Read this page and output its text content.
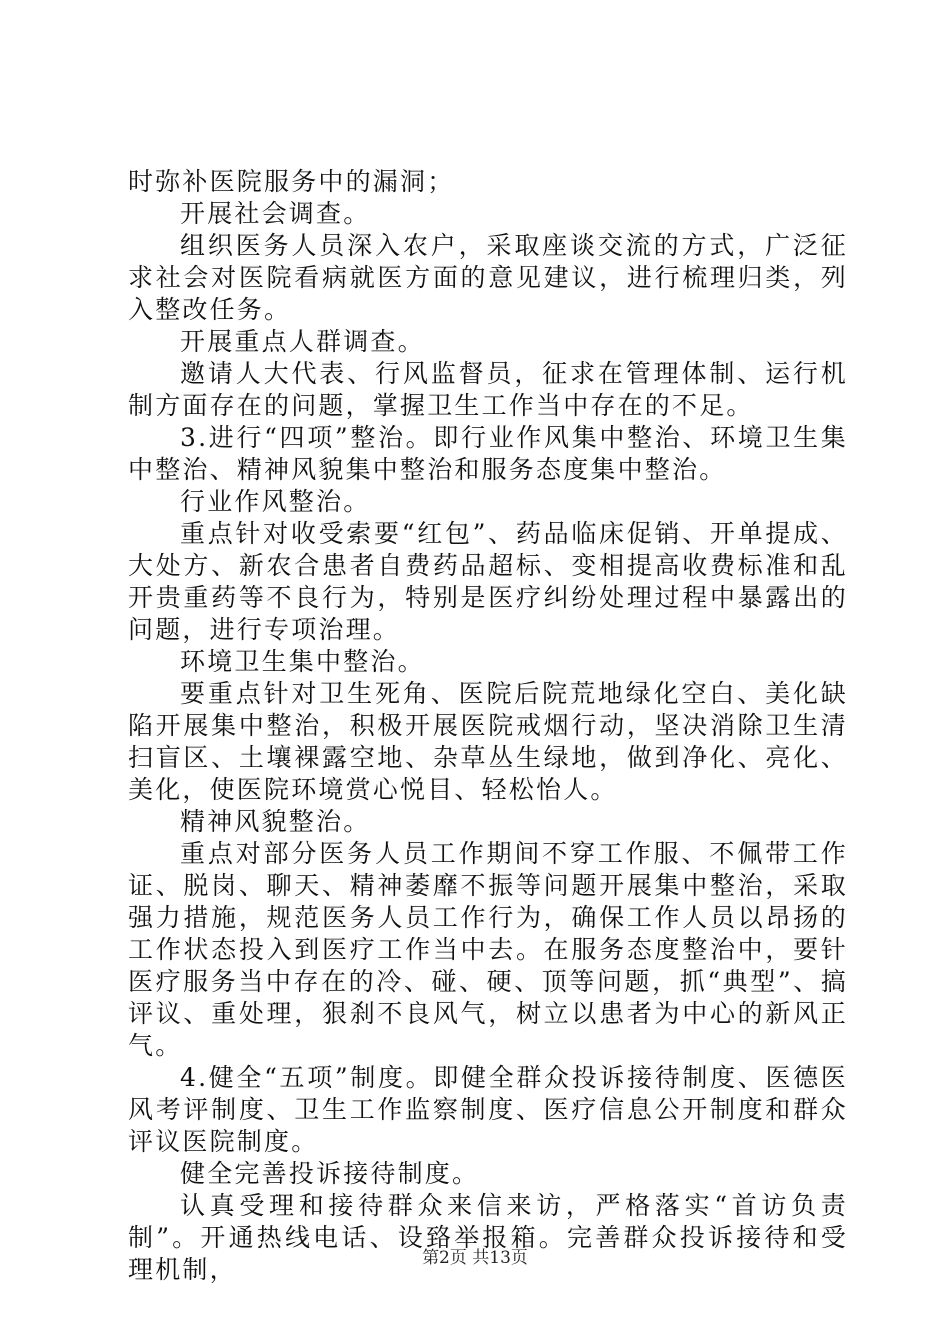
时弥补医院服务中的漏洞；

开展社会调查。

组织医务人员深入农户，采取座谈交流的方式，广泛征求社会对医院看病就医方面的意见建议，进行梳理归类，列入整改任务。

开展重点人群调查。

邀请人大代表、行风监督员，征求在管理体制、运行机制方面存在的问题，掌握卫生工作当中存在的不足。

3.进行“四项”整治。即行业作风集中整治、环境卫生集中整治、精神风貌集中整治和服务态度集中整治。

行业作风整治。

重点针对收受索要“红包”、药品临床促销、开单提成、大处方、新农合患者自费药品超标、变相提高收费标准和乱开贵重药等不良行为，特别是医疗纠纷处理过程中暴露出的问题，进行专项治理。

环境卫生集中整治。

要重点针对卫生死角、医院后院荒地绿化空白、美化缺陷开展集中整治，积极开展医院戒烟行动，坚决消除卫生清扫盲区、土壤裸露空地、杂草丛生绿地，做到净化、亮化、美化，使医院环境赏心悦目、轻松怡人。

精神风貌整治。

重点对部分医务人员工作期间不穿工作服、不佩带工作证、脱岗、聊天、精神萎靡不振等问题开展集中整治，采取强力措施，规范医务人员工作行为，确保工作人员以昂扬的工作状态投入到医疗工作当中去。在服务态度整治中，要针医疗服务当中存在的冷、碰、硬、顶等问题，抓“典型”、搞评议、重处理，狠刹不良风气，树立以患者为中心的新风正气。

4.健全“五项”制度。即健全群众投诉接待制度、医德医风考评制度、卫生工作监察制度、医疗信息公开制度和群众评议医院制度。

健全完善投诉接待制度。

认真受理和接待群众来信来访，严格落实“首访负责制”。开通热线电话、设臵举报箱。完善群众投诉接待和受理机制，	第2页 共13页
